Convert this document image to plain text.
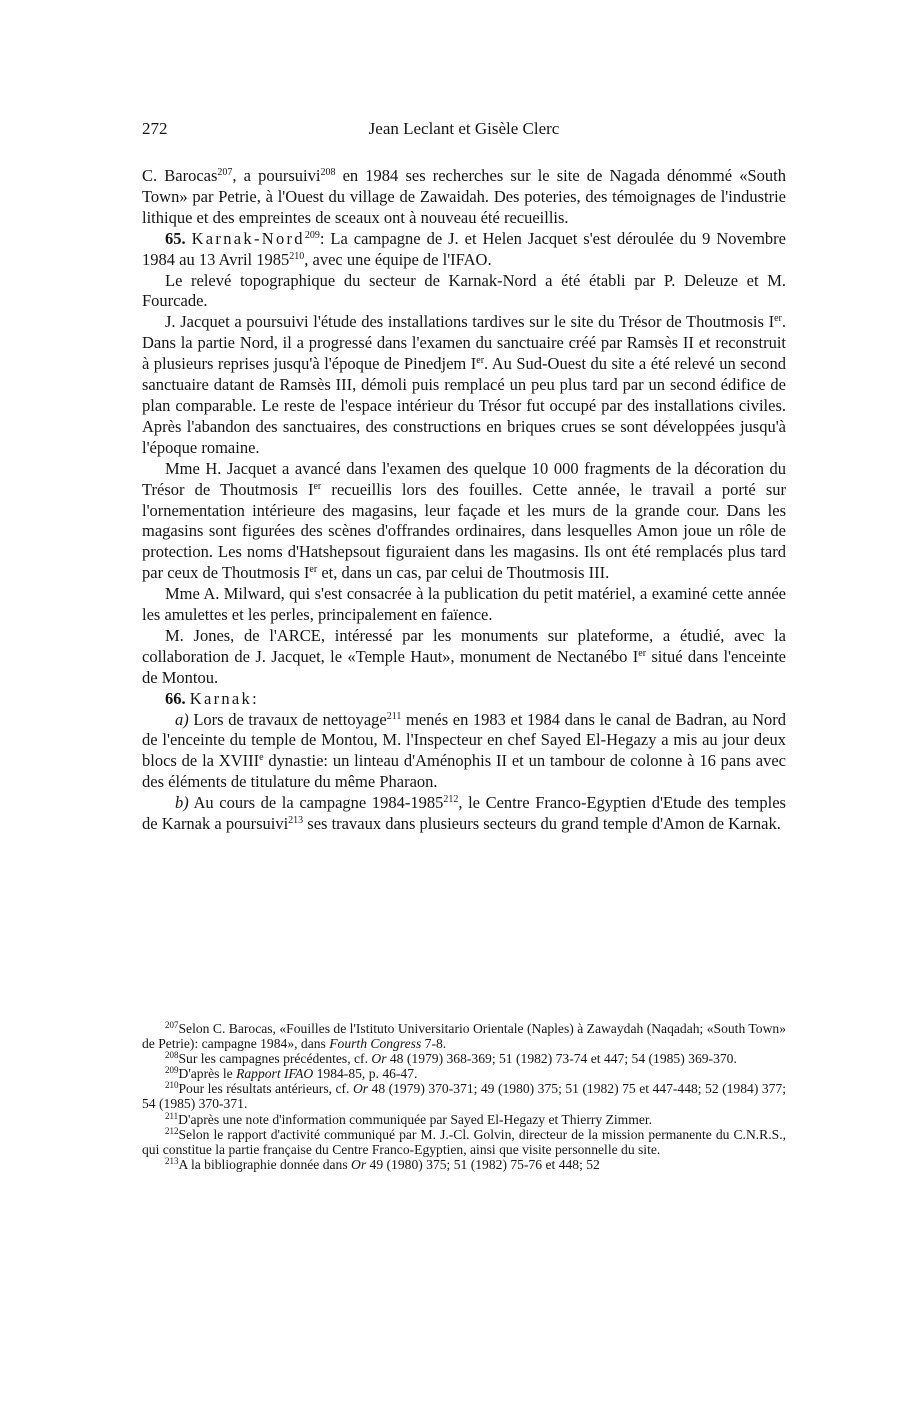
272	Jean Leclant et Gisèle Clerc

C. Barocas$^{207}$, a poursuivi$^{208}$ en 1984 ses recherches sur le site de Nagada dénommé «South Town» par Petrie, à l'Ouest du village de Zawaidah. Des poteries, des témoignages de l'industrie lithique et des empreintes de sceaux ont à nouveau été recueillis.

65. Karnak-Nord$^{209}$: La campagne de J. et Helen Jacquet s'est déroulée du 9 Novembre 1984 au 13 Avril 1985$^{210}$, avec une équipe de l'IFAO.

Le relevé topographique du secteur de Karnak-Nord a été établi par P. Deleuze et M. Fourcade.

J. Jacquet a poursuivi l'étude des installations tardives sur le site du Trésor de Thoutmosis Ier. Dans la partie Nord, il a progressé dans l'examen du sanctuaire créé par Ramsès II et reconstruit à plusieurs reprises jusqu'à l'époque de Pinedjem Ier. Au Sud-Ouest du site a été relevé un second sanctuaire datant de Ramsès III, démoli puis remplacé un peu plus tard par un second édifice de plan comparable. Le reste de l'espace intérieur du Trésor fut occupé par des installations civiles. Après l'abandon des sanctuaires, des constructions en briques crues se sont développées jusqu'à l'époque romaine.

Mme H. Jacquet a avancé dans l'examen des quelque 10 000 fragments de la décoration du Trésor de Thoutmosis Ier recueillis lors des fouilles. Cette année, le travail a porté sur l'ornementation intérieure des magasins, leur façade et les murs de la grande cour. Dans les magasins sont figurées des scènes d'offrandes ordinaires, dans lesquelles Amon joue un rôle de protection. Les noms d'Hatshepsout figuraient dans les magasins. Ils ont été remplacés plus tard par ceux de Thoutmosis Ier et, dans un cas, par celui de Thoutmosis III.

Mme A. Milward, qui s'est consacrée à la publication du petit matériel, a examiné cette année les amulettes et les perles, principalement en faïence.

M. Jones, de l'ARCE, intéressé par les monuments sur plateforme, a étudié, avec la collaboration de J. Jacquet, le «Temple Haut», monument de Nectanébo Ier situé dans l'enceinte de Montou.

66. Karnak:

a) Lors de travaux de nettoyage$^{211}$ menés en 1983 et 1984 dans le canal de Badran, au Nord de l'enceinte du temple de Montou, M. l'Inspecteur en chef Sayed El-Hegazy a mis au jour deux blocs de la XVIIIe dynastie: un linteau d'Aménophis II et un tambour de colonne à 16 pans avec des éléments de titulature du même Pharaon.

b) Au cours de la campagne 1984-1985$^{212}$, le Centre Franco-Egyptien d'Etude des temples de Karnak a poursuivi$^{213}$ ses travaux dans plusieurs secteurs du grand temple d'Amon de Karnak.

$^{207}$Selon C. Barocas, «Fouilles de l'Istituto Universitario Orientale (Naples) à Zawaydah (Naqadah; «South Town» de Petrie): campagne 1984», dans Fourth Congress 7-8.

$^{208}$Sur les campagnes précédentes, cf. Or 48 (1979) 368-369; 51 (1982) 73-74 et 447; 54 (1985) 369-370.

$^{209}$D'après le Rapport IFAO 1984-85, p. 46-47.

$^{210}$Pour les résultats antérieurs, cf. Or 48 (1979) 370-371; 49 (1980) 375; 51 (1982) 75 et 447-448; 52 (1984) 377; 54 (1985) 370-371.

$^{211}$D'après une note d'information communiquée par Sayed El-Hegazy et Thierry Zimmer.

$^{212}$Selon le rapport d'activité communiqué par M. J.-Cl. Golvin, directeur de la mission permanente du C.N.R.S., qui constitue la partie française du Centre Franco-Egyptien, ainsi que visite personnelle du site.

$^{213}$A la bibliographie donnée dans Or 49 (1980) 375; 51 (1982) 75-76 et 448; 52
